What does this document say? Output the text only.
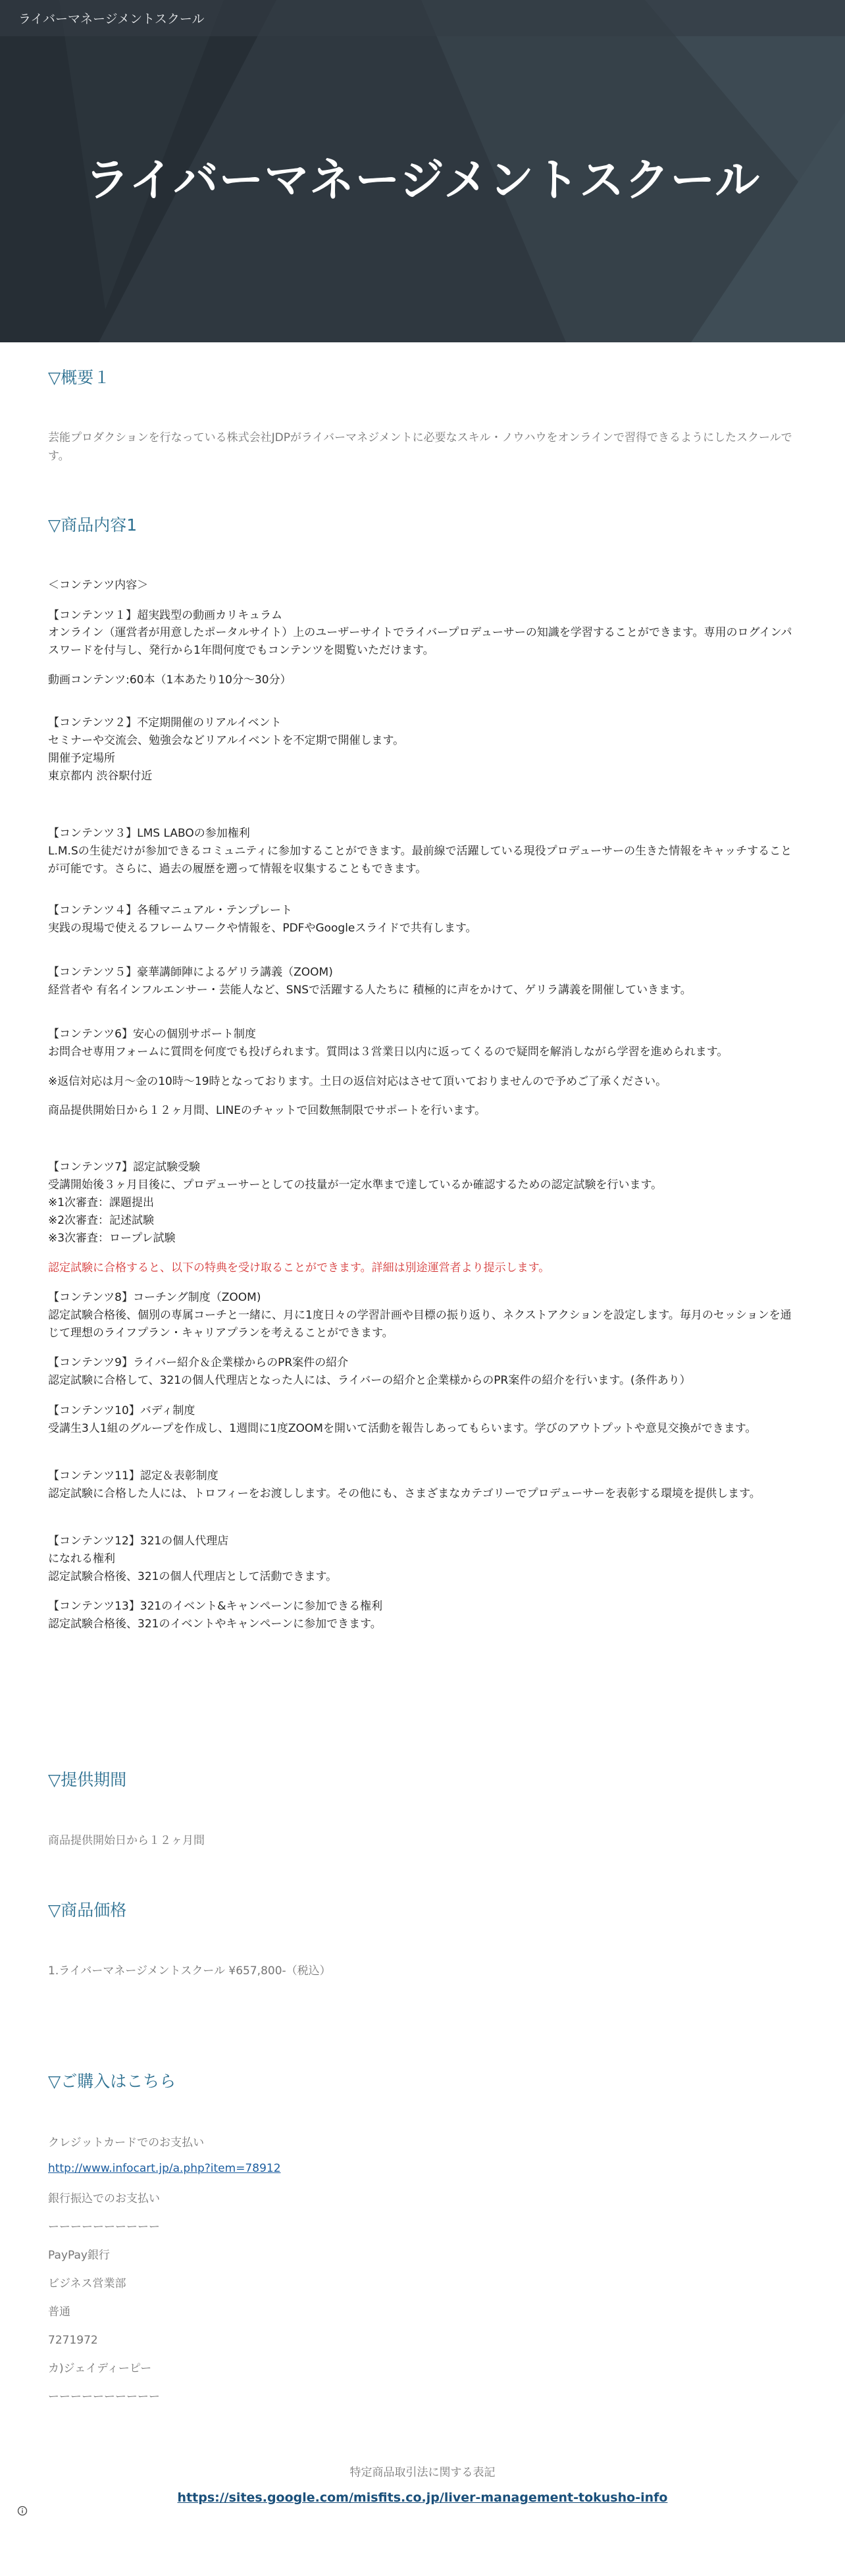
ライバーマネージメントスクール
ライバーマネージメントスクール
▽概要１

芸能プロダクションを行なっている株式会社JDPがライバーマネジメントに必要なスキル・ノウハウをオンラインで習得できるようにしたスクールです。

▽商品内容1

＜コンテンツ内容＞

【コンテンツ１】超実践型の動画カリキュラム

オンライン（運営者が用意したポータルサイト）上のユーザーサイトでライバープロデューサーの知識を学習することができます。専用のログインパスワードを付与し、発行から1年間何度でもコンテンツを閲覧いただけます。

動画コンテンツ:60本（1本あたり10分〜30分）

【コンテンツ２】不定期開催のリアルイベント

セミナーや交流会、勉強会などリアルイベントを不定期で開催します。

開催予定場所

東京都内 渋谷駅付近

【コンテンツ３】LMS LABOの参加権利

L.M.Sの生徒だけが参加できるコミュニティに参加することができます。最前線で活躍している現役プロデューサーの生きた情報をキャッチすることが可能です。さらに、過去の履歴を遡って情報を収集することもできます。

【コンテンツ４】各種マニュアル・テンプレート

実践の現場で使えるフレームワークや情報を、PDFやGoogleスライドで共有します。

【コンテンツ５】豪華講師陣によるゲリラ講義（ZOOM)

経営者や 有名インフルエンサー・芸能人など、SNSで活躍する人たちに 積極的に声をかけて、ゲリラ講義を開催していきます。

【コンテンツ6】安心の個別サポート制度

お問合せ専用フォームに質問を何度でも投げられます。質問は３営業日以内に返ってくるので疑問を解消しながら学習を進められます。

※返信対応は月〜金の10時〜19時となっております。土日の返信対応はさせて頂いておりませんので予めご了承ください。

商品提供開始日から１２ヶ月間、LINEのチャットで回数無制限でサポートを行います。

【コンテンツ7】認定試験受験

受講開始後３ヶ月目後に、プロデューサーとしての技量が一定水準まで達しているか確認するための認定試験を行います。

※1次審査：課題提出

※2次審査：記述試験

※3次審査：ロープレ試験

認定試験に合格すると、以下の特典を受け取ることができます。詳細は別途運営者より提示します。

【コンテンツ8】コーチング制度（ZOOM)

認定試験合格後、個別の専属コーチと一緒に、月に1度日々の学習計画や目標の振り返り、ネクストアクションを設定します。毎月のセッションを通じて理想のライフプラン・キャリアプランを考えることができます。

【コンテンツ9】ライバー紹介＆企業様からのPR案件の紹介

認定試験に合格して、321の個人代理店となった人には、ライバーの紹介と企業様からのPR案件の紹介を行います。(条件あり）

【コンテンツ10】バディ制度

受講生3人1組のグループを作成し、1週間に1度ZOOMを開いて活動を報告しあってもらいます。学びのアウトプットや意見交換ができます。

【コンテンツ11】認定＆表彰制度

認定試験に合格した人には、トロフィーをお渡しします。その他にも、さまざまなカテゴリーでプロデューサーを表彰する環境を提供します。

【コンテンツ12】321の個人代理店

になれる権利

認定試験合格後、321の個人代理店として活動できます。

【コンテンツ13】321のイベント&キャンペーンに参加できる権利

認定試験合格後、321のイベントやキャンペーンに参加できます。

▽提供期間

商品提供開始日から１２ヶ月間

▽商品価格

1.ライバーマネージメントスクール ¥657,800-（税込）

▽ご購入はこちら

クレジットカードでのお支払い

http://www.infocart.jp/a.php?item=78912

銀行振込でのお支払い

ーーーーーーーーーー

PayPay銀行

ビジネス営業部

普通

7271972

カ)ジェイディーピー

ーーーーーーーーーー

特定商品取引法に関する表記
https://sites.google.com/misfits.co.jp/liver-management-tokusho-info
